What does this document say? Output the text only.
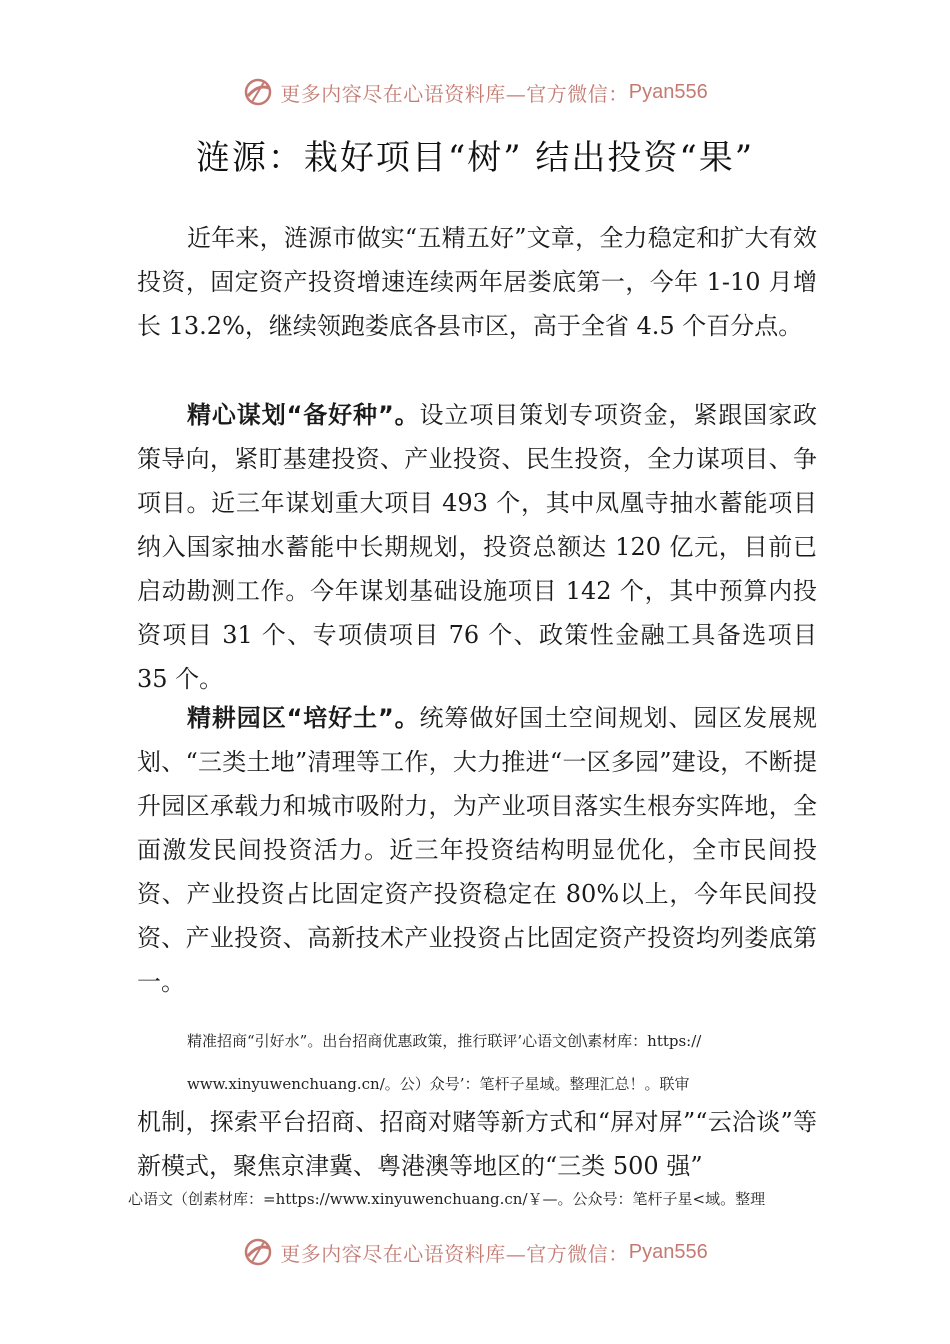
更多内容尽在心语资料库—官方微信： Pyan556
涟源：栽好项目“树” 结出投资“果”

近年来，涟源市做实“五精五好”文章，全力稳定和扩大有效投资，固定资产投资增速连续两年居娄底第一，今年 1-10 月增长 13.2%，继续领跑娄底各县市区，高于全省 4.5 个百分点。

精心谋划“备好种”。设立项目策划专项资金，紧跟国家政策导向，紧盯基建投资、产业投资、民生投资，全力谋项目、争项目。近三年谋划重大项目 493 个，其中凤凰寺抽水蓄能项目纳入国家抽水蓄能中长期规划，投资总额达 120 亿元，目前已启动勘测工作。今年谋划基础设施项目 142 个，其中预算内投资项目 31 个、专项债项目 76 个、政策性金融工具备选项目 35 个。

精耕园区“培好土”。统筹做好国土空间规划、园区发展规划、“三类土地”清理等工作，大力推进“一区多园”建设，不断提升园区承载力和城市吸附力，为产业项目落实生根夯实阵地，全面激发民间投资活力。近三年投资结构明显优化，全市民间投资、产业投资占比固定资产投资稳定在 80%以上，今年民间投资、产业投资、高新技术产业投资占比固定资产投资均列娄底第一。

精准招商“引好水”。出台招商优惠政策，推行联评’心语文创\素材库：https://

www.xinyuwenchuang.cn/。公）众号’：笔杆子星域。整理汇总！。联审

机制，探索平台招商、招商对赌等新方式和“屏对屏”“云洽谈”等新模式，聚焦京津冀、粤港澳等地区的“三类 500 强”

心语文（创素材库：=https://www.xinyuwenchuang.cn/￥—。公众号：笔杆子星<域。整理

更多内容尽在心语资料库—官方微信： Pyan556
